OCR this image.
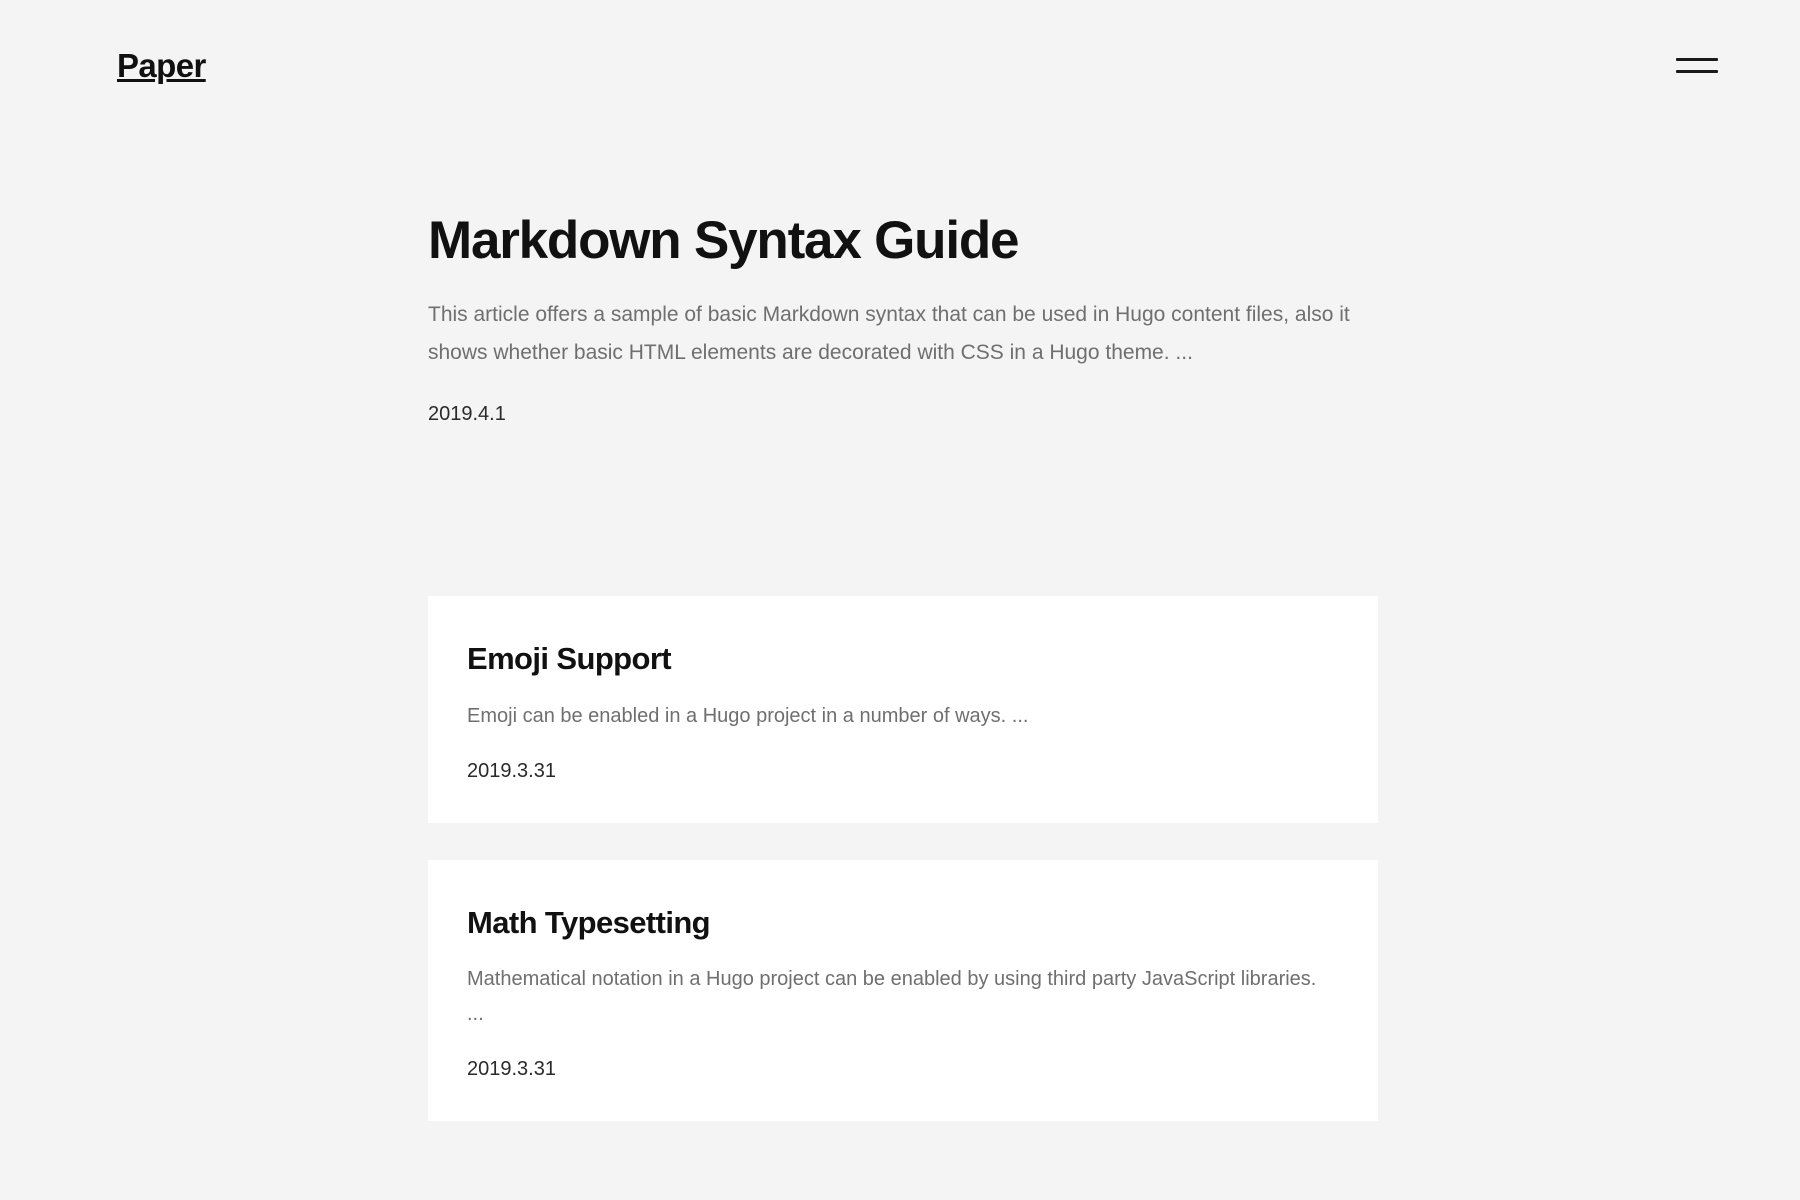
Paper
Markdown Syntax Guide

This article offers a sample of basic Markdown syntax that can be used in Hugo content files, also it shows whether basic HTML elements are decorated with CSS in a Hugo theme. ...

2019.4.1

Emoji Support

Emoji can be enabled in a Hugo project in a number of ways. ...

2019.3.31

Math Typesetting

Mathematical notation in a Hugo project can be enabled by using third party JavaScript libraries. ...

2019.3.31
